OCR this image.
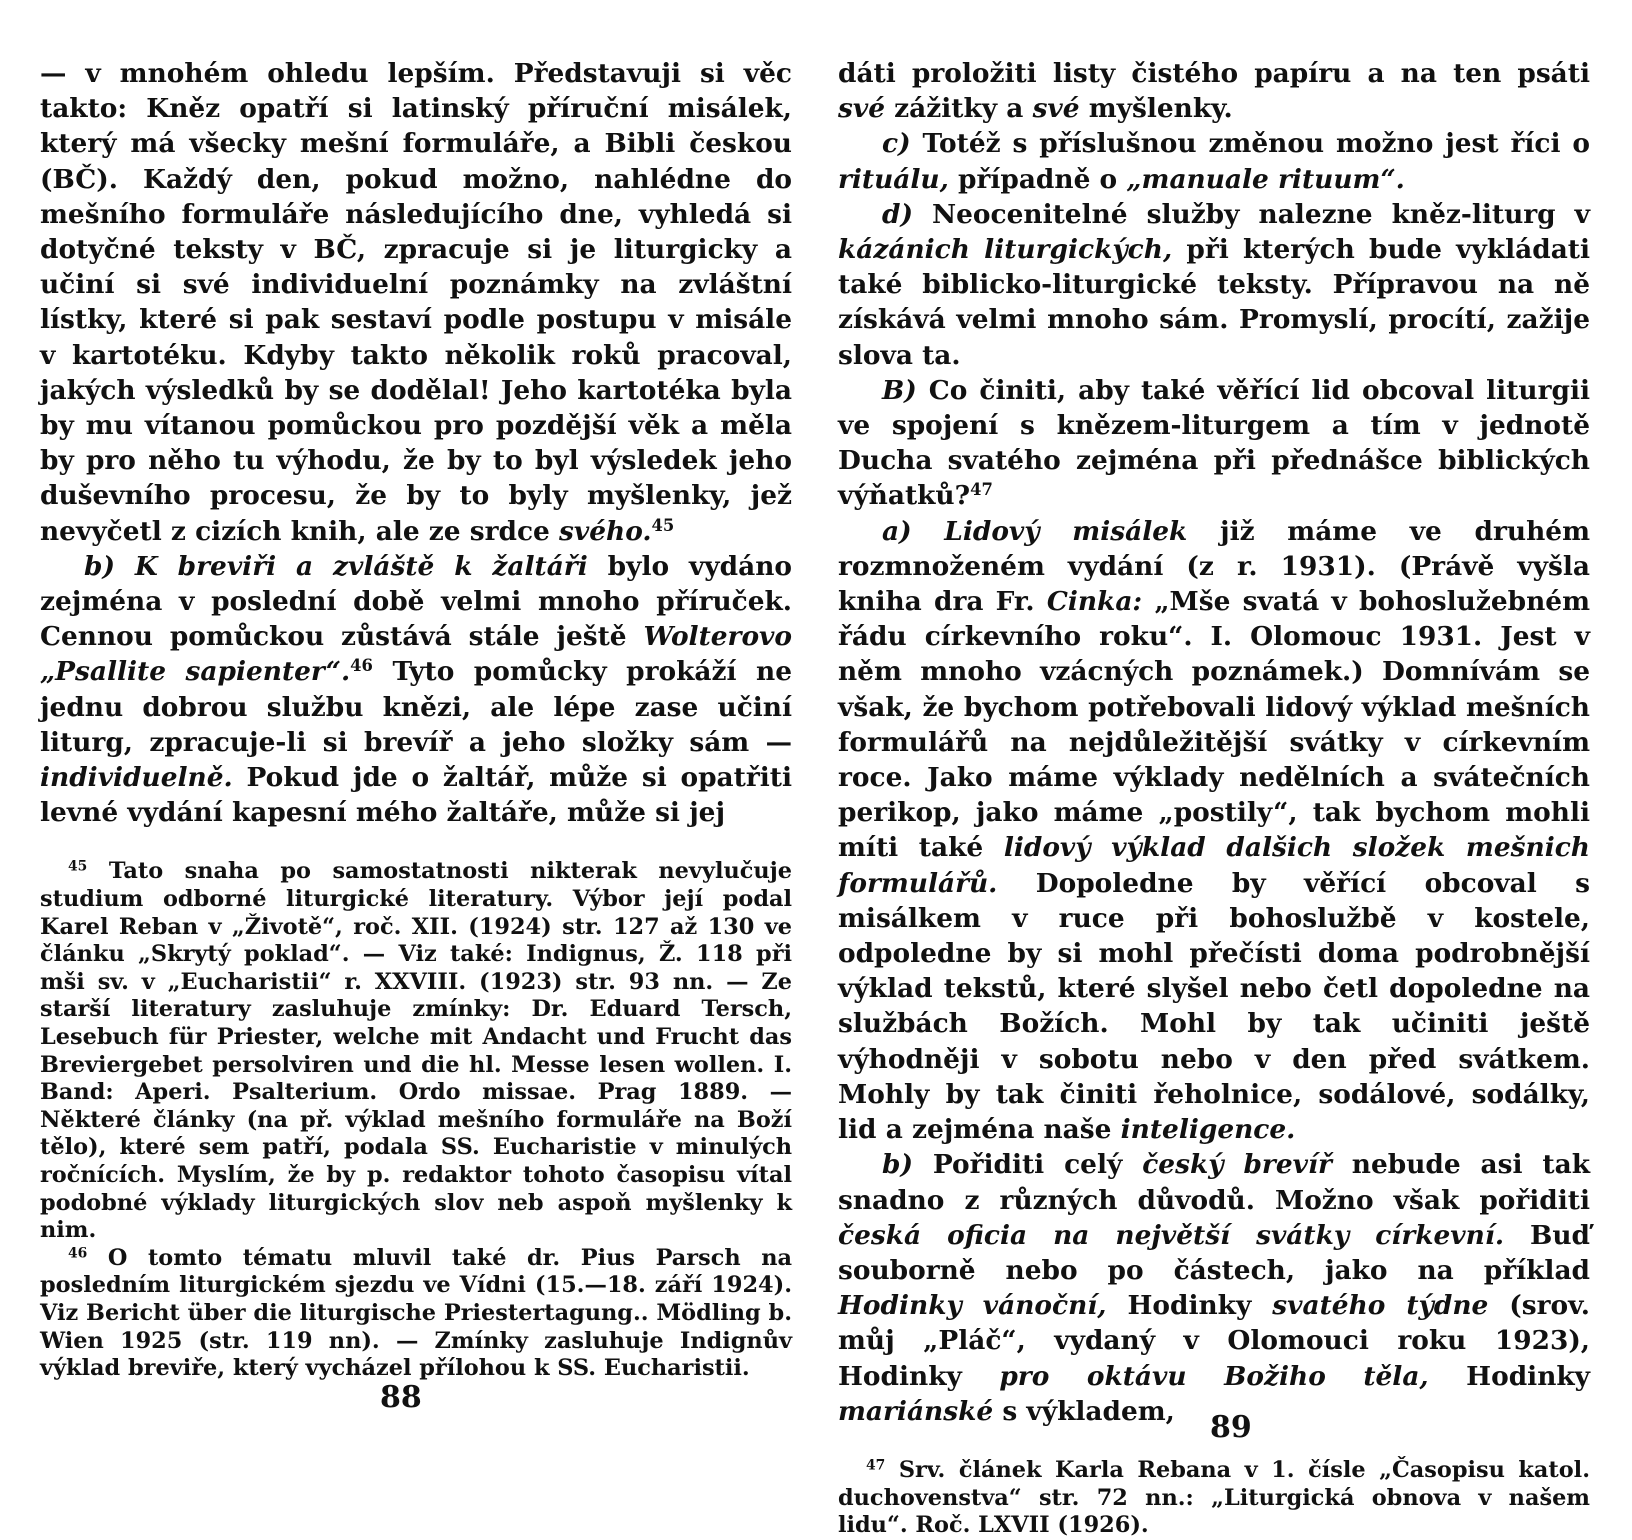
— v mnohém ohledu lepším. Představuji si věc takto: Kněz opatří si latinský příruční misálek, který má všecky mešní formuláře, a Bibli českou (BČ). Každý den, pokud možno, nahlédne do mešního formuláře následujícího dne, vyhledá si dotyčné teksty v BČ, zpracuje si je liturgicky a učiní si své individuelní poznámky na zvláštní lístky, které si pak sestaví podle postupu v misále v kartotéku. Kdyby takto několik roků pracoval, jakých výsledků by se dodělal! Jeho kartotéka byla by mu vítanou pomůckou pro pozdější věk a měla by pro něho tu výhodu, že by to byl výsledek jeho duševního procesu, že by to byly myšlenky, jež nevyčetl z cizích knih, ale ze srdce svého.$^{45}$

b) K breviři a zvláště k žaltáři bylo vydáno zejména v poslední době velmi mnoho příruček. Cennou pomůckou zůstává stále ještě Wolterovo „Psallite sapienter“.$^{46}$ Tyto pomůcky prokáží ne jednu dobrou službu knězi, ale lépe zase učiní liturg, zpracuje-li si brevíř a jeho složky sám — individuelně. Pokud jde o žaltář, může si opatřiti levné vydání kapesní mého žaltáře, může si jej

$^{45}$ Tato snaha po samostatnosti nikterak nevylučuje studium odborné liturgické literatury. Výbor její podal Karel Reban v „Životě“, roč. XII. (1924) str. 127 až 130 ve článku „Skrytý poklad“. — Viz také: Indignus, Ž. 118 při mši sv. v „Eucharistii“ r. XXVIII. (1923) str. 93 nn. — Ze starší literatury zasluhuje zmínky: Dr. Eduard Tersch, Lesebuch für Priester, welche mit Andacht und Frucht das Breviergebet persolviren und die hl. Messe lesen wollen. I. Band: Aperi. Psalterium. Ordo missae. Prag 1889. — Některé články (na př. výklad mešního formuláře na Boží tělo), které sem patří, podala SS. Eucharistie v minulých ročnících. Myslím, že by p. redaktor tohoto časopisu vítal podobné výklady liturgických slov neb aspoň myšlenky k nim.

$^{46}$ O tomto tématu mluvil také dr. Pius Parsch na posledním liturgickém sjezdu ve Vídni (15.—18. září 1924). Viz Bericht über die liturgische Priestertagung.. Mödling b. Wien 1925 (str. 119 nn). — Zmínky zasluhuje Indignův výklad breviře, který vycházel přílohou k SS. Eucharistii.

dáti proložiti listy čistého papíru a na ten psáti své zážitky a své myšlenky.

c) Totéž s příslušnou změnou možno jest říci o rituálu, případně o „manuale rituum“.

d) Neocenitelné služby nalezne kněz-liturg v kázánich liturgických, při kterých bude vykládati také biblicko-liturgické teksty. Přípravou na ně získává velmi mnoho sám. Promyslí, procítí, zažije slova ta.

B) Co činiti, aby také věřící lid obcoval liturgii ve spojení s knězem-liturgem a tím v jednotě Ducha svatého zejména při přednášce biblických výňatků?$^{47}$

a) Lidový misálek již máme ve druhém rozmnoženém vydání (z r. 1931). (Právě vyšla kniha dra Fr. Cinka: „Mše svatá v bohoslužebném řádu církevního roku“. I. Olomouc 1931. Jest v něm mnoho vzácných poznámek.) Domnívám se však, že bychom potřebovali lidový výklad mešních formulářů na nejdůležitější svátky v církevním roce. Jako máme výklady nedělních a svátečních perikop, jako máme „postily“, tak bychom mohli míti také lidový výklad dalšich složek mešnich formulářů. Dopoledne by věřící obcoval s misálkem v ruce při bohoslužbě v kostele, odpoledne by si mohl přečísti doma podrobnější výklad tekstů, které slyšel nebo četl dopoledne na službách Božích. Mohl by tak učiniti ještě výhodněji v sobotu nebo v den před svátkem. Mohly by tak činiti řeholnice, sodálové, sodálky, lid a zejména naše inteligence.

b) Pořiditi celý český brevíř nebude asi tak snadno z různých důvodů. Možno však pořiditi česká oficia na největší svátky církevní. Buď souborně nebo po částech, jako na příklad Hodinky vánoční, Hodinky svatého týdne (srov. můj „Pláč“, vydaný v Olomouci roku 1923), Hodinky pro oktávu Božiho těla, Hodinky mariánské s výkladem,

$^{47}$ Srv. článek Karla Rebana v 1. čísle „Časopisu katol. duchovenstva“ str. 72 nn.: „Liturgická obnova v našem lidu“. Roč. LXVII (1926).

88
89
